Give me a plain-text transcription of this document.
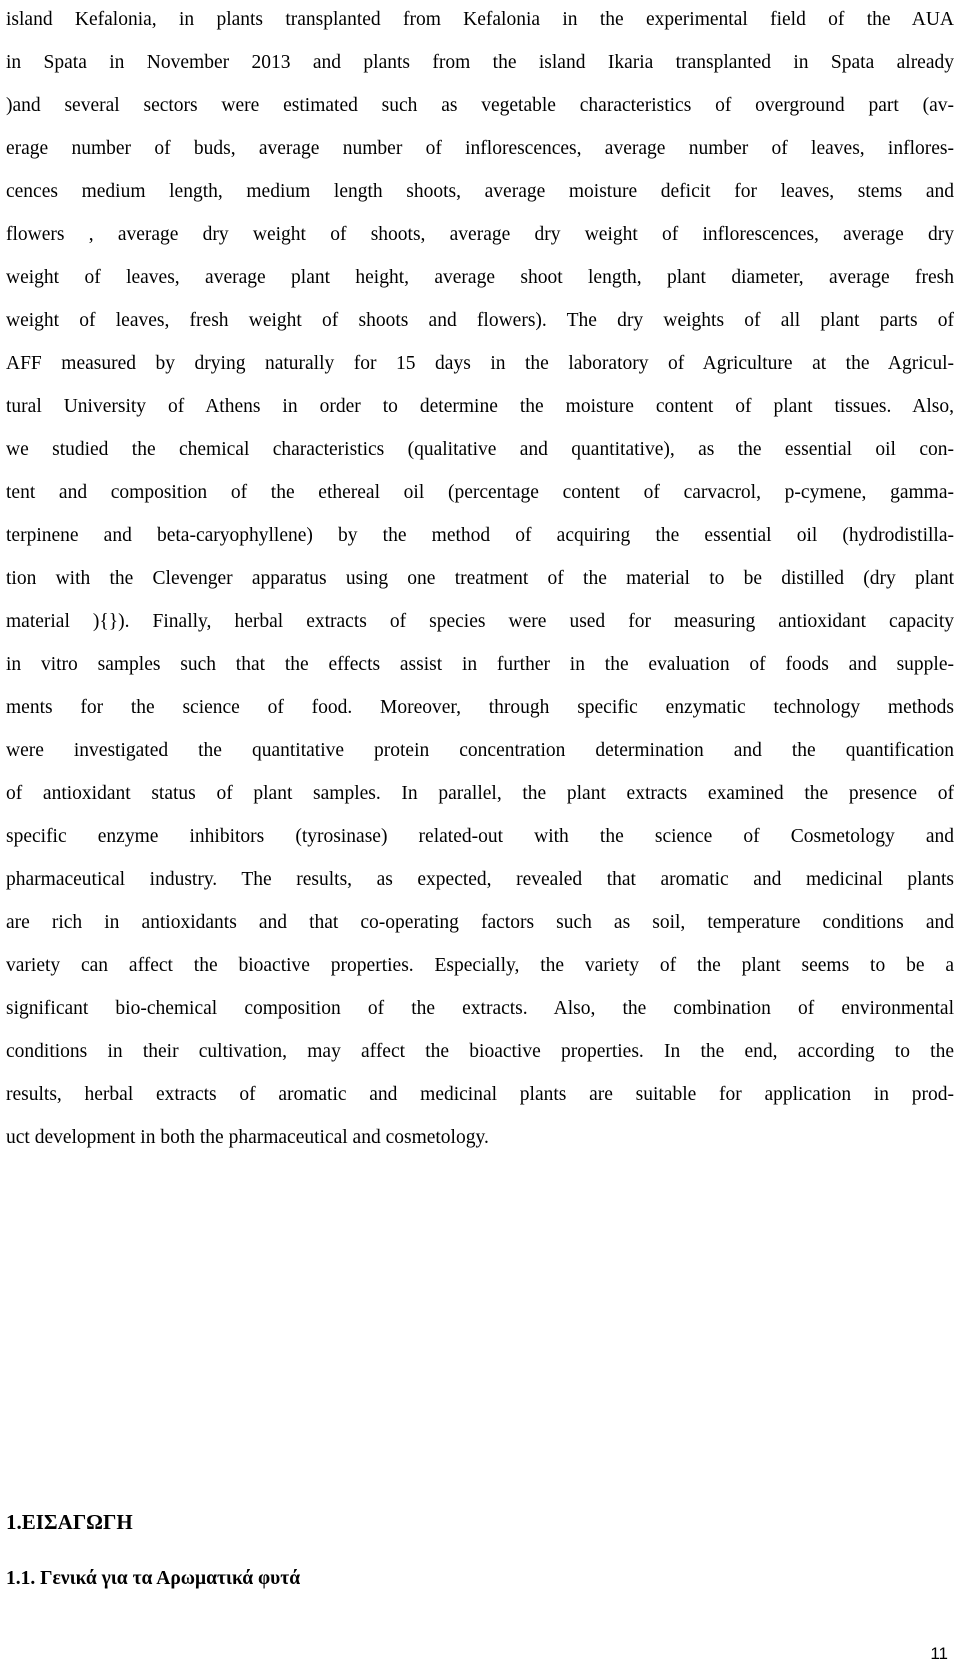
island Kefalonia, in plants transplanted from Kefalonia in the experimental field of the AUA
in Spata in November 2013 and plants from the island Ikaria transplanted in Spata already
)and several sectors were estimated such as vegetable characteristics of overground part (av-
erage number of buds, average number of inflorescences, average number of leaves, inflores-
cences medium length, medium length shoots, average moisture deficit for leaves, stems and
flowers , average dry weight of shoots, average dry weight of inflorescences, average dry
weight of leaves, average plant height, average shoot length, plant diameter, average fresh
weight of leaves, fresh weight of shoots and flowers). The dry weights of all plant parts of
AFF measured by drying naturally for 15 days in the laboratory of Agriculture at the Agricul-
tural University of Athens in order to determine the moisture content of plant tissues. Also,
we studied the chemical characteristics (qualitative and quantitative), as the essential oil con-
tent and composition of the ethereal oil (percentage content of carvacrol, p-cymene, gamma-
terpinene and beta-caryophyllene) by the method of acquiring the essential oil (hydrodistilla-
tion with the Clevenger apparatus using one treatment of the material to be distilled (dry plant
material ){}). Finally, herbal extracts of species were used for measuring antioxidant capacity
in vitro samples such that the effects assist in further in the evaluation of foods and supple-
ments for the science of food. Moreover, through specific enzymatic technology methods
were investigated the quantitative protein concentration determination and the quantification
of antioxidant status of plant samples. In parallel, the plant extracts examined the presence of
specific enzyme inhibitors (tyrosinase) related-out with the science of Cosmetology and
pharmaceutical industry. The results, as expected, revealed that aromatic and medicinal plants
are rich in antioxidants and that co-operating factors such as soil, temperature conditions and
variety can affect the bioactive properties. Especially, the variety of the plant seems to be a
significant bio-chemical composition of the extracts. Also, the combination of environmental
conditions in their cultivation, may affect the bioactive properties. In the end, according to the
results, herbal extracts of aromatic and medicinal plants are suitable for application in prod-
uct development in both the pharmaceutical and cosmetology.
1.ΕΙΣΑΓΩΓΗ
1.1. Γενικά για τα Αρωματικά φυτά
11
